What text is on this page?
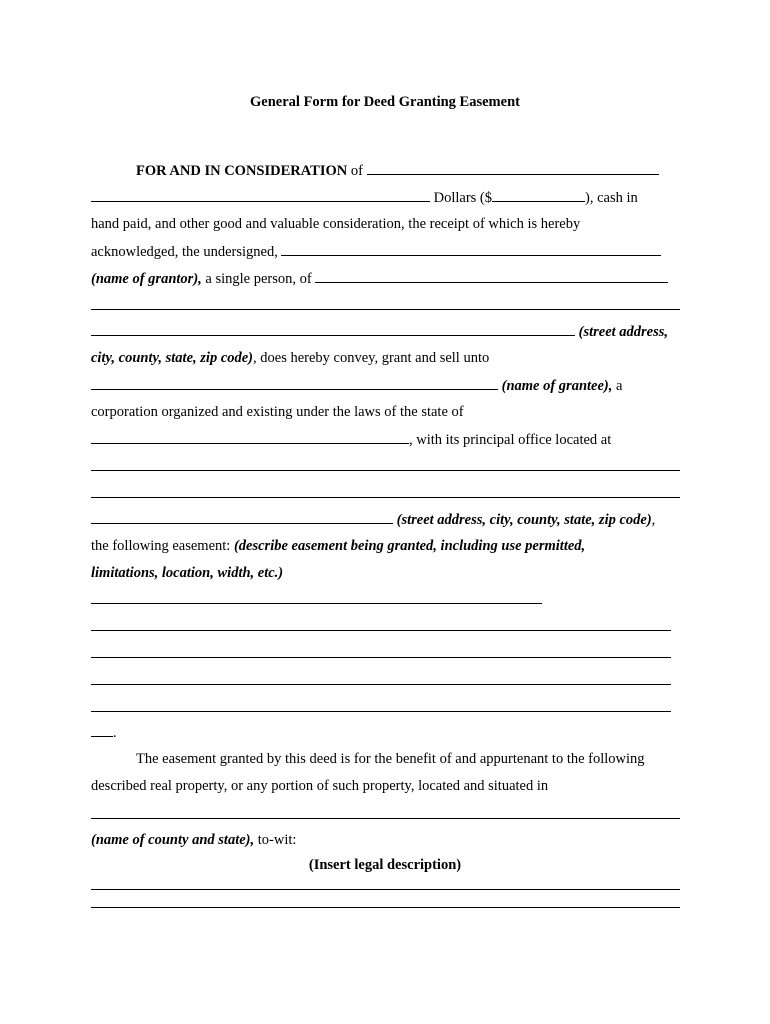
General Form for Deed Granting Easement
FOR AND IN CONSIDERATION of
Dollars ($	), cash in
hand paid, and other good and valuable consideration, the receipt of which is hereby
acknowledged, the undersigned,
(name of grantor), a single person, of
(street address,
city, county, state, zip code), does hereby convey, grant and sell unto
(name of grantee), a
corporation organized and existing under the laws of the state of
, with its principal office located at
(street address, city, county, state, zip code),
the following easement: (describe easement being granted, including use permitted,
limitations, location, width, etc.)
.
The easement granted by this deed is for the benefit of and appurtenant to the following
described real property, or any portion of such property, located and situated in
(name of county and state), to-wit:
(Insert legal description)
